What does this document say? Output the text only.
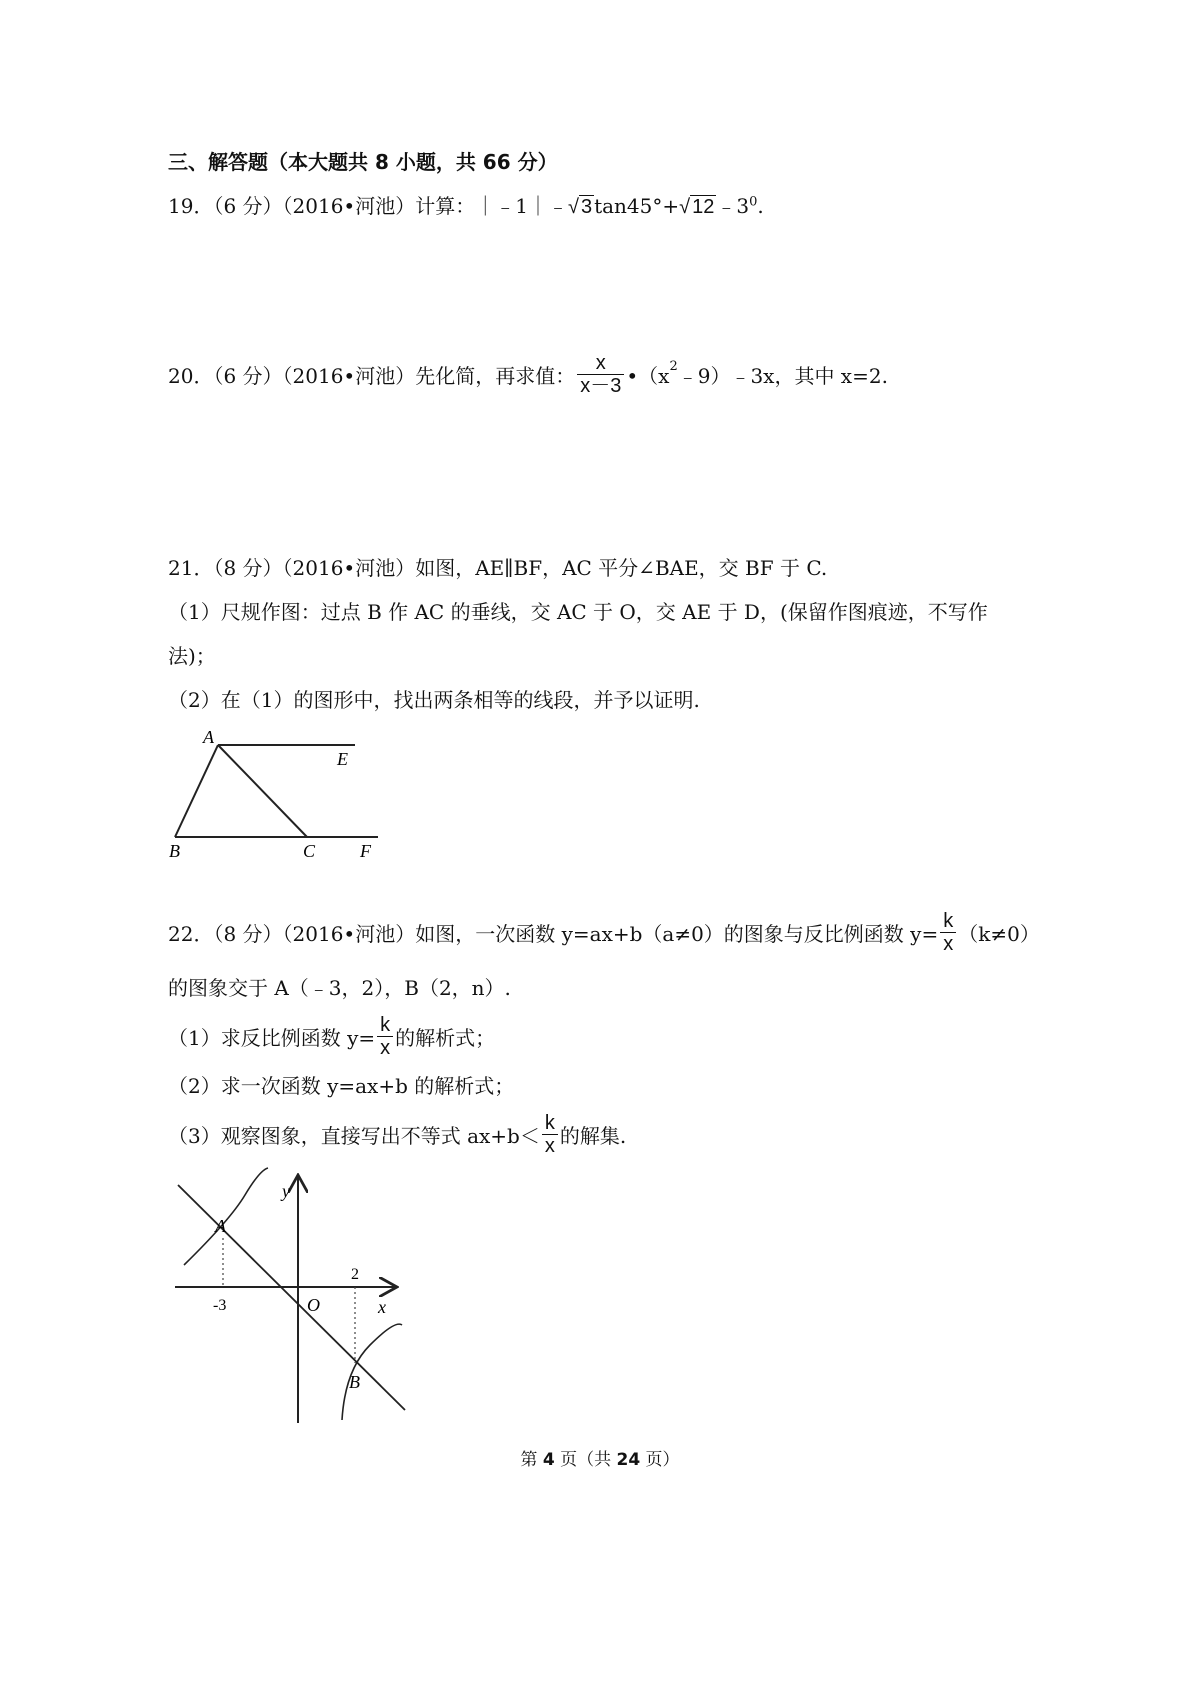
三、解答题（本大题共 8 小题，共 66 分）
19．（6 分）（2016•河池）计算：｜﹣1｜﹣√ 3 tan45°+√ 12 $﹣3^0$.
20．（6 分）（2016•河池）先化简，再求值： $\frac{x}{x-3}$ $•(x^2$ ﹣9）﹣3x，其中 x=2.
21．（8 分）（2016•河池）如图，AE∥BF，AC 平分∠BAE，交 BF 于 C.
（1）尺规作图：过点 B 作 AC 的垂线，交 AC 于 O，交 AE 于 D，(保留作图痕迹，不写作
法)；
（2）在（1）的图形中，找出两条相等的线段，并予以证明.
A
E
B	C F
22．（8 分）（2016•河池）如图，一次函数 y=ax+b（a≠0）的图象与反比例函数 $y= \frac{k}{x} (k\ne 0)$
的图象交于 A（﹣3，2），B（2，n）.
（1）求反比例函数 $y= \frac{k}{x}$ 的解析式；
（2）求一次函数 y=ax+b 的解析式；
（3）观察图象，直接写出不等式 $ax+b< \frac{k}{x}$ 的解集.
y
x
A
B
O
-3
2
第 4 页（共 24 页）
